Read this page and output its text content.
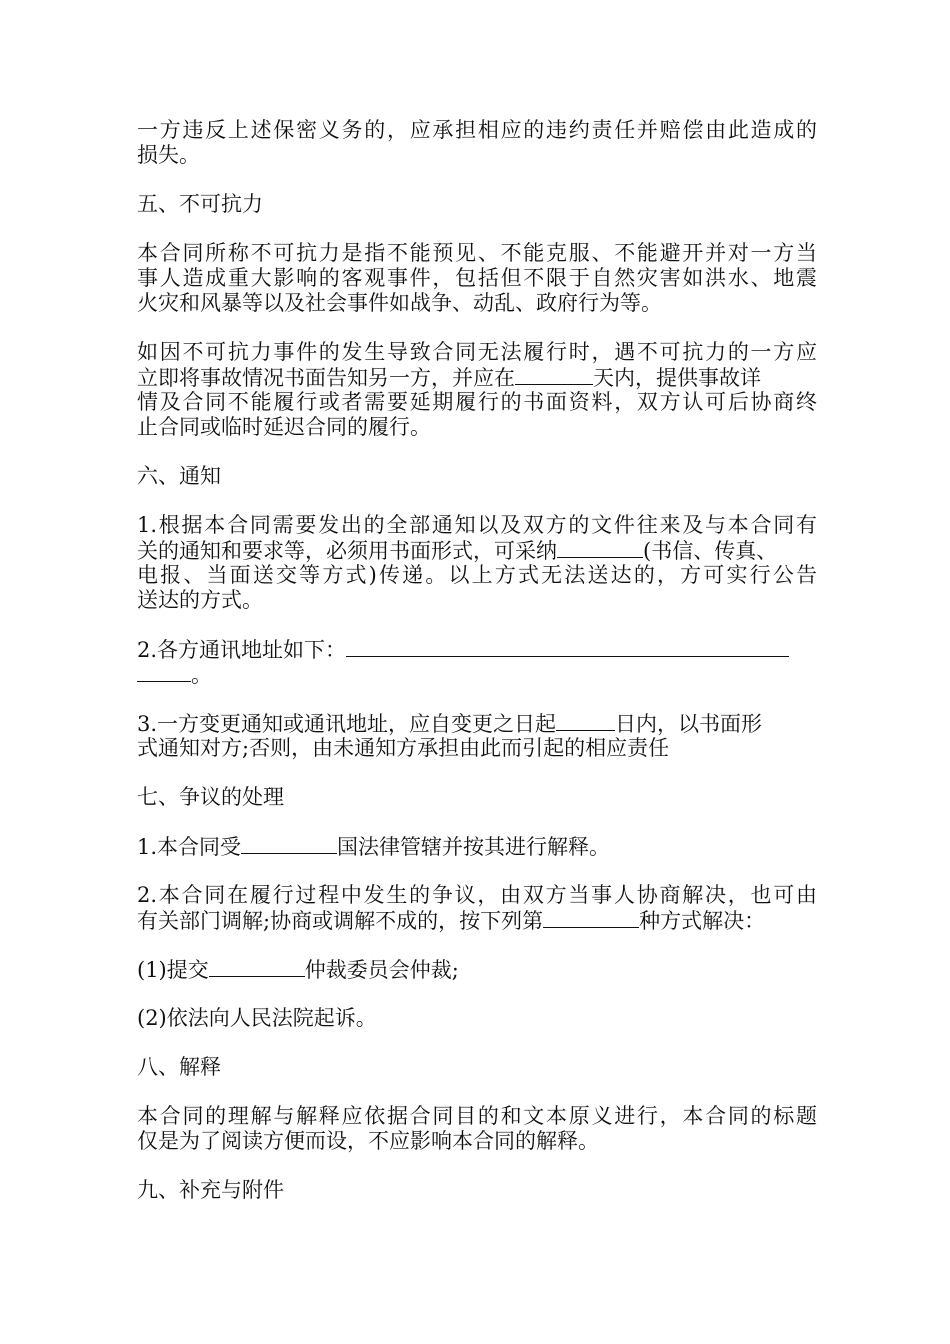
一方违反上述保密义务的，应承担相应的违约责任并赔偿由此造成的
损失。
五、不可抗力
本合同所称不可抗力是指不能预见、不能克服、不能避开并对一方当
事人造成重大影响的客观事件，包括但不限于自然灾害如洪水、地震
火灾和风暴等以及社会事件如战争、动乱、政府行为等。
如因不可抗力事件的发生导致合同无法履行时，遇不可抗力的一方应
立即将事故情况书面告知另一方，并应在	天内，提供事故详
情及合同不能履行或者需要延期履行的书面资料，双方认可后协商终
止合同或临时延迟合同的履行。
六、通知
1.根据本合同需要发出的全部通知以及双方的文件往来及与本合同有
关的通知和要求等，必须用书面形式，可采纳	(书信、传真、
电报、当面送交等方式)传递。以上方式无法送达的，方可实行公告
送达的方式。
2.各方通讯地址如下：
。
3.一方变更通知或通讯地址，应自变更之日起	日内，以书面形
式通知对方;否则，由未通知方承担由此而引起的相应责任
七、争议的处理
1.本合同受	国法律管辖并按其进行解释。
2.本合同在履行过程中发生的争议，由双方当事人协商解决，也可由
有关部门调解;协商或调解不成的，按下列第	种方式解决：
(1)提交	仲裁委员会仲裁;
(2)依法向人民法院起诉。
八、解释
本合同的理解与解释应依据合同目的和文本原义进行，本合同的标题
仅是为了阅读方便而设，不应影响本合同的解释。
九、补充与附件
